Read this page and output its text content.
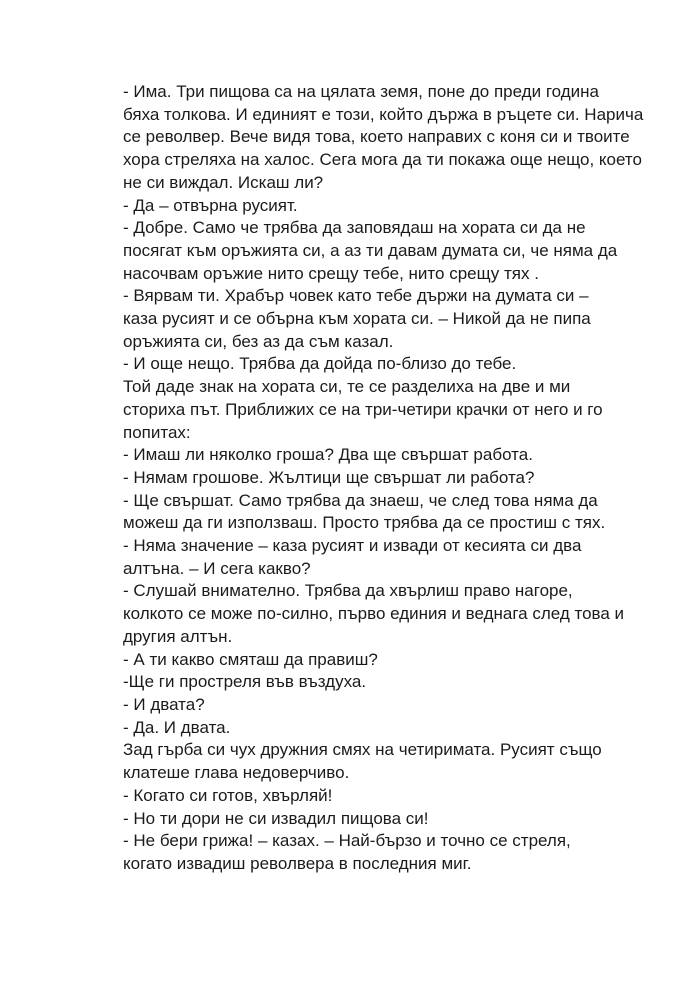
- Има. Три пищова са на цялата земя, поне до преди година
бяха толкова. И единият е този, който държа в ръцете си. Нарича
се револвер. Вече видя това, което направих с коня си и твоите
хора стреляха на халос. Сега мога да ти покажа още нещо, което
не си виждал. Искаш ли?

- Да – отвърна русият.

- Добре. Само че трябва да заповядаш на хората си да не
посягат към оръжията си, а аз ти давам думата си, че няма да
насочвам оръжие нито срещу тебе, нито срещу тях .

- Вярвам ти. Храбър човек като тебе държи на думата си –
каза русият и се обърна към хората си. – Никой да не пипа
оръжията си, без аз да съм казал.

- И още нещо. Трябва да дойда по-близо до тебе.

Той даде знак на хората си, те се разделиха на две и ми
сториха път. Приближих се на три-четири крачки от него и го
попитах:

- Имаш ли няколко гроша? Два ще свършат работа.

- Нямам грошове. Жълтици ще свършат ли работа?

- Ще свършат. Само трябва да знаеш, че след това няма да
можеш да ги използваш. Просто трябва да се простиш с тях.

- Няма значение – каза русият и извади от кесията си два
алтъна. – И сега какво?

- Слушай внимателно. Трябва да хвърлиш право нагоре,
колкото се може по-силно, първо единия и веднага след това и
другия алтън.

- А ти какво смяташ да правиш?

-Ще ги простреля във въздуха.

- И двата?

- Да. И двата.

Зад гърба си чух дружния смях на четиримата. Русият също
клатеше глава недоверчиво.

- Когато си готов, хвърляй!

- Но ти дори не си извадил пищова си!

- Не бери грижа! – казах. – Най-бързо и точно се стреля,
когато извадиш револвера в последния миг.
